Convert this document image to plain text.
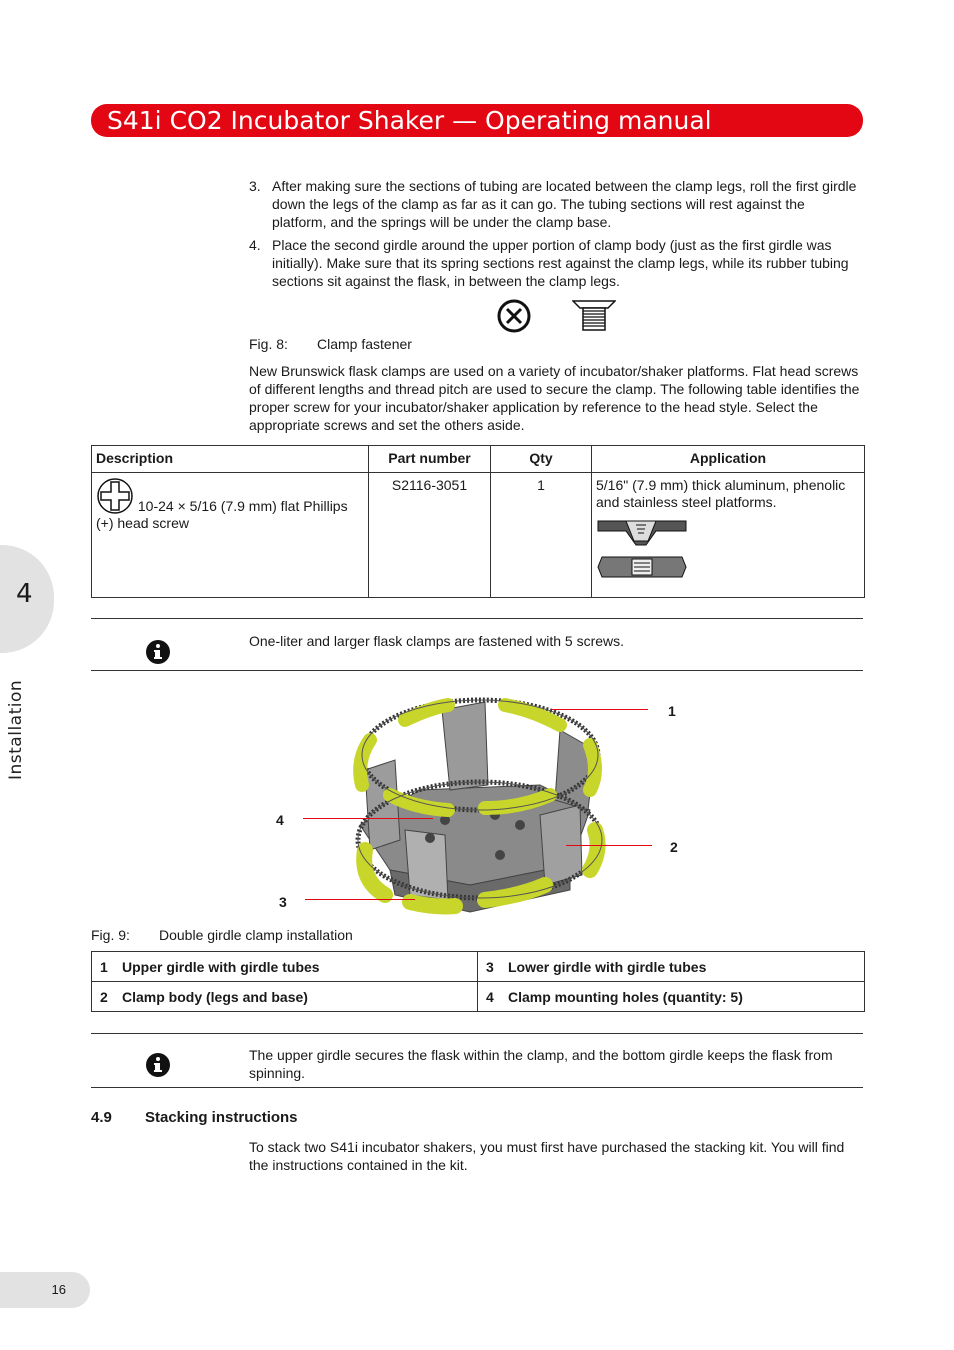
S41i CO2 Incubator Shaker — Operating manual
4
Installation
3. After making sure the sections of tubing are located between the clamp legs, roll the first girdle down the legs of the clamp as far as it can go. The tubing sections will rest against the platform, and the springs will be under the clamp base.
4. Place the second girdle around the upper portion of clamp body (just as the first girdle was initially). Make sure that its spring sections rest against the clamp legs, while its rubber tubing sections sit against the flask, in between the clamp legs.
Fig. 8: Clamp fastener
New Brunswick flask clamps are used on a variety of incubator/shaker platforms. Flat head screws of different lengths and thread pitch are used to secure the clamp. The following table identifies the proper screw for your incubator/shaker application by reference to the head style. Select the appropriate screws and set the others aside.
Description	Part number	Qty	Application
10-24 × 5/16 (7.9 mm) flat Phillips (+) head screw	S2116-3051	1	5/16" (7.9 mm) thick aluminum, phenolic and stainless steel platforms.
One-liter and larger flask clamps are fastened with 5 screws.
1
2
3
4
Fig. 9: Double girdle clamp installation
1 Upper girdle with girdle tubes	3 Lower girdle with girdle tubes
2 Clamp body (legs and base)	4 Clamp mounting holes (quantity: 5)
The upper girdle secures the flask within the clamp, and the bottom girdle keeps the flask from spinning.
4.9 Stacking instructions
To stack two S41i incubator shakers, you must first have purchased the stacking kit. You will find the instructions contained in the kit.
16
